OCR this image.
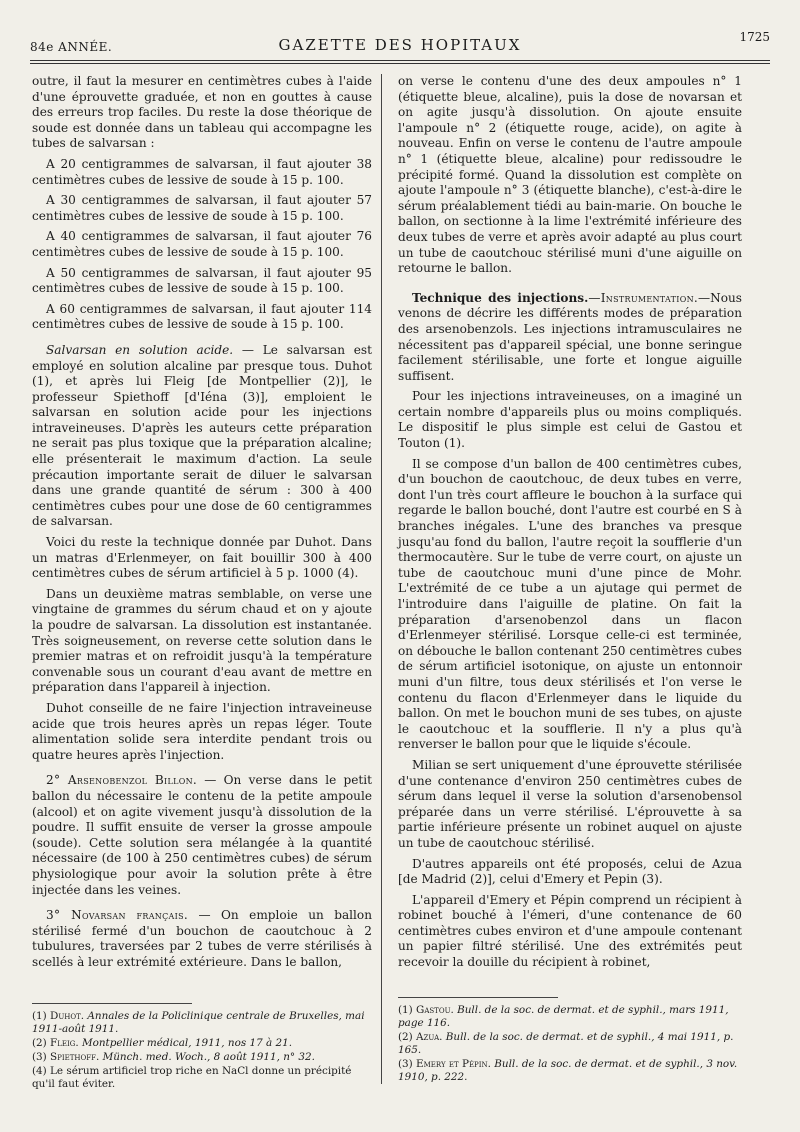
84e ANNÉE.	GAZETTE DES HOPITAUX	1725

outre, il faut la mesurer en centimètres cubes à l'aide d'une éprouvette graduée, et non en gouttes à cause des erreurs trop faciles. Du reste la dose théorique de soude est donnée dans un tableau qui accompagne les tubes de salvarsan :

A 20 centigrammes de salvarsan, il faut ajouter 38 centimètres cubes de lessive de soude à 15 p. 100.

A 30 centigrammes de salvarsan, il faut ajouter 57 centimètres cubes de lessive de soude à 15 p. 100.

A 40 centigrammes de salvarsan, il faut ajouter 76 centimètres cubes de lessive de soude à 15 p. 100.

A 50 centigrammes de salvarsan, il faut ajouter 95 centimètres cubes de lessive de soude à 15 p. 100.

A 60 centigrammes de salvarsan, il faut ajouter 114 centimètres cubes de lessive de soude à 15 p. 100.

Salvarsan en solution acide. — Le salvarsan est employé en solution alcaline par presque tous. Duhot (1), et après lui Fleig [de Montpellier (2)], le professeur Spiethoff [d'Iéna (3)], emploient le salvarsan en solution acide pour les injections intraveineuses. D'après les auteurs cette préparation ne serait pas plus toxique que la préparation alcaline; elle présenterait le maximum d'action. La seule précaution importante serait de diluer le salvarsan dans une grande quantité de sérum : 300 à 400 centimètres cubes pour une dose de 60 centigrammes de salvarsan.

Voici du reste la technique donnée par Duhot. Dans un matras d'Erlenmeyer, on fait bouillir 300 à 400 centimètres cubes de sérum artificiel à 5 p. 1000 (4).

Dans un deuxième matras semblable, on verse une vingtaine de grammes du sérum chaud et on y ajoute la poudre de salvarsan. La dissolution est instantanée. Très soigneusement, on reverse cette solution dans le premier matras et on refroidit jusqu'à la température convenable sous un courant d'eau avant de mettre en préparation dans l'appareil à injection.

Duhot conseille de ne faire l'injection intraveineuse acide que trois heures après un repas léger. Toute alimentation solide sera interdite pendant trois ou quatre heures après l'injection.

2° Arsenobenzol Billon. — On verse dans le petit ballon du nécessaire le contenu de la petite ampoule (alcool) et on agite vivement jusqu'à dissolution de la poudre. Il suffit ensuite de verser la grosse ampoule (soude). Cette solution sera mélangée à la quantité nécessaire (de 100 à 250 centimètres cubes) de sérum physiologique pour avoir la solution prête à être injectée dans les veines.

3° Novarsan français. — On emploie un ballon stérilisé fermé d'un bouchon de caoutchouc à 2 tubulures, traversées par 2 tubes de verre stérilisés à scellés à leur extrémité extérieure. Dans le ballon,

on verse le contenu d'une des deux ampoules n° 1 (étiquette bleue, alcaline), puis la dose de novarsan et on agite jusqu'à dissolution. On ajoute ensuite l'ampoule n° 2 (étiquette rouge, acide), on agite à nouveau. Enfin on verse le contenu de l'autre ampoule n° 1 (étiquette bleue, alcaline) pour redissoudre le précipité formé. Quand la dissolution est complète on ajoute l'ampoule n° 3 (étiquette blanche), c'est-à-dire le sérum préalablement tiédi au bain-marie. On bouche le ballon, on sectionne à la lime l'extrémité inférieure des deux tubes de verre et après avoir adapté au plus court un tube de caoutchouc stérilisé muni d'une aiguille on retourne le ballon.

Technique des injections.—Instrumentation.—Nous venons de décrire les différents modes de préparation des arsenobenzols. Les injections intramusculaires ne nécessitent pas d'appareil spécial, une bonne seringue facilement stérilisable, une forte et longue aiguille suffisent.

Pour les injections intraveineuses, on a imaginé un certain nombre d'appareils plus ou moins compliqués. Le dispositif le plus simple est celui de Gastou et Touton (1).

Il se compose d'un ballon de 400 centimètres cubes, d'un bouchon de caoutchouc, de deux tubes en verre, dont l'un très court affleure le bouchon à la surface qui regarde le ballon bouché, dont l'autre est courbé en S à branches inégales. L'une des branches va presque jusqu'au fond du ballon, l'autre reçoit la soufflerie d'un thermocautère. Sur le tube de verre court, on ajuste un tube de caoutchouc muni d'une pince de Mohr. L'extrémité de ce tube a un ajutage qui permet de l'introduire dans l'aiguille de platine. On fait la préparation d'arsenobenzol dans un flacon d'Erlenmeyer stérilisé. Lorsque celle-ci est terminée, on débouche le ballon contenant 250 centimètres cubes de sérum artificiel isotonique, on ajuste un entonnoir muni d'un filtre, tous deux stérilisés et l'on verse le contenu du flacon d'Erlenmeyer dans le liquide du ballon. On met le bouchon muni de ses tubes, on ajuste le caoutchouc et la soufflerie. Il n'y a plus qu'à renverser le ballon pour que le liquide s'écoule.

Milian se sert uniquement d'une éprouvette stérilisée d'une contenance d'environ 250 centimètres cubes de sérum dans lequel il verse la solution d'arsenobensol préparée dans un verre stérilisé. L'éprouvette à sa partie inférieure présente un robinet auquel on ajuste un tube de caoutchouc stérilisé.

D'autres appareils ont été proposés, celui de Azua [de Madrid (2)], celui d'Emery et Pepin (3).

L'appareil d'Emery et Pépin comprend un récipient à robinet bouché à l'émeri, d'une contenance de 60 centimètres cubes environ et d'une ampoule contenant un papier filtré stérilisé. Une des extrémités peut recevoir la douille du récipient à robinet,

(1) Duhot. Annales de la Policlinique centrale de Bruxelles, mai 1911-août 1911.
(2) Fleig. Montpellier médical, 1911, nos 17 à 21.
(3) Spiethoff. Münch. med. Woch., 8 août 1911, n° 32.
(4) Le sérum artificiel trop riche en NaCl donne un précipité qu'il faut éviter.
(1) Gastou. Bull. de la soc. de dermat. et de syphil., mars 1911, page 116.
(2) Azua. Bull. de la soc. de dermat. et de syphil., 4 mai 1911, p. 165.
(3) Emery et Pépin. Bull. de la soc. de dermat. et de syphil., 3 nov. 1910, p. 222.
